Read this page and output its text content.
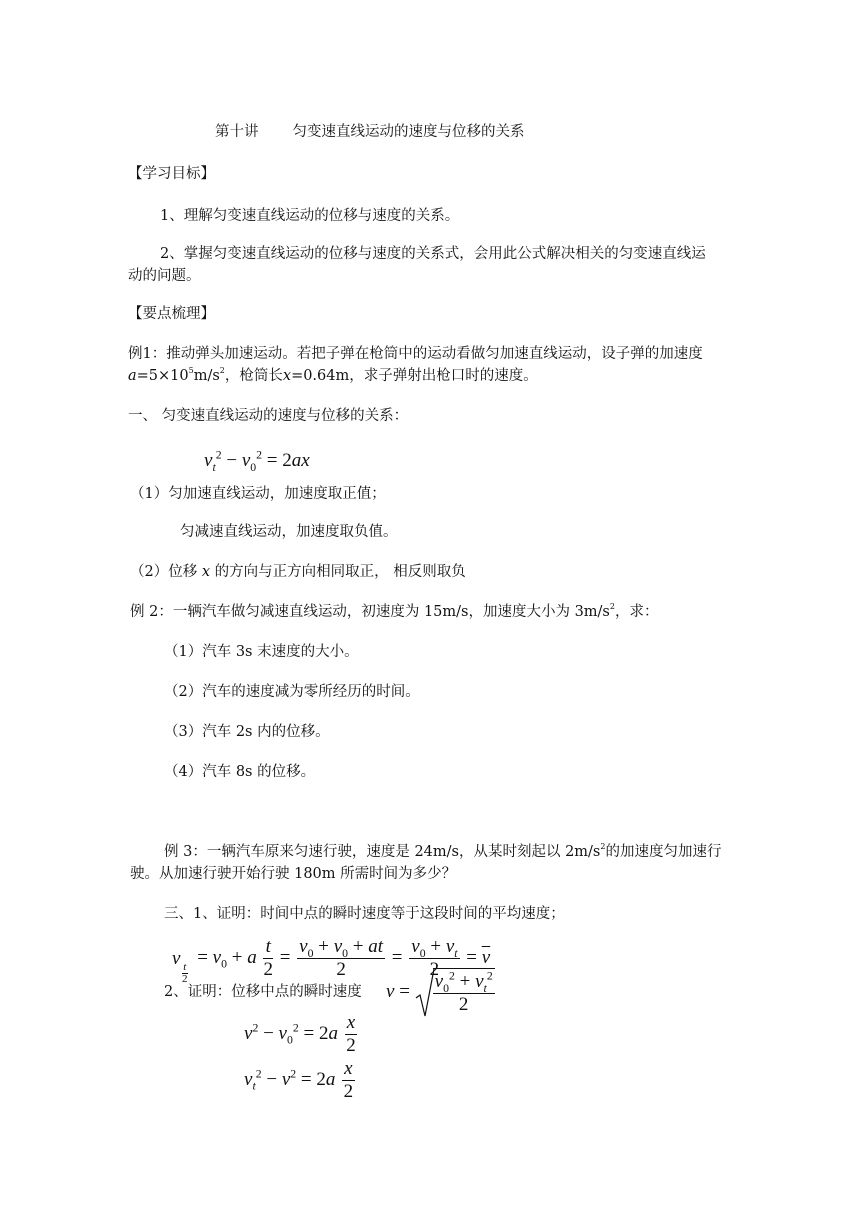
第十讲 匀变速直线运动的速度与位移的关系
【学习目标】
1、理解匀变速直线运动的位移与速度的关系。
2、掌握匀变速直线运动的位移与速度的关系式，会用此公式解决相关的匀变速直线运
动的问题。
【要点梳理】
例1：推动弹头加速运动。若把子弹在枪筒中的运动看做匀加速直线运动，设子弹的加速度
$a=5\times 10^5m/s^2$，枪筒长x=0.64m，求子弹射出枪口时的速度。
一、 匀变速直线运动的速度与位移的关系：
$v_t^2 - v_0^2 = 2ax$
（1）匀加速直线运动，加速度取正值；
匀减速直线运动，加速度取负值。
（2）位移 x 的方向与正方向相同取正， 相反则取负
例 2：一辆汽车做匀减速直线运动，初速度为 15m/s，加速度大小为 $3m/s^2$，求：
（1）汽车 3s 末速度的大小。
（2）汽车的速度减为零所经历的时间。
（3）汽车 2s 内的位移。
（4）汽车 8s 的位移。
例 3：一辆汽车原来匀速行驶，速度是 24m/s，从某时刻起以 $2m/s^2$的加速度匀加速行
驶。从加速行驶开始行驶 180m 所需时间为多少？
三、1、证明：时间中点的瞬时速度等于这段时间的平均速度；
v t
2
= $v_0 + a \frac{t}{2} = \frac{v_0 + v_0 + at}{2} = \frac{v_0 + v_t}{2} = \overline{v}$
2、证明：位移中点的瞬时速度 $v = \frac{v_0^2 + v_t^2}{2}$
$v^2 - v_0^2 = 2a \frac{x}{2}$
$v_t^2 - v^2 = 2a \frac{x}{2}$
